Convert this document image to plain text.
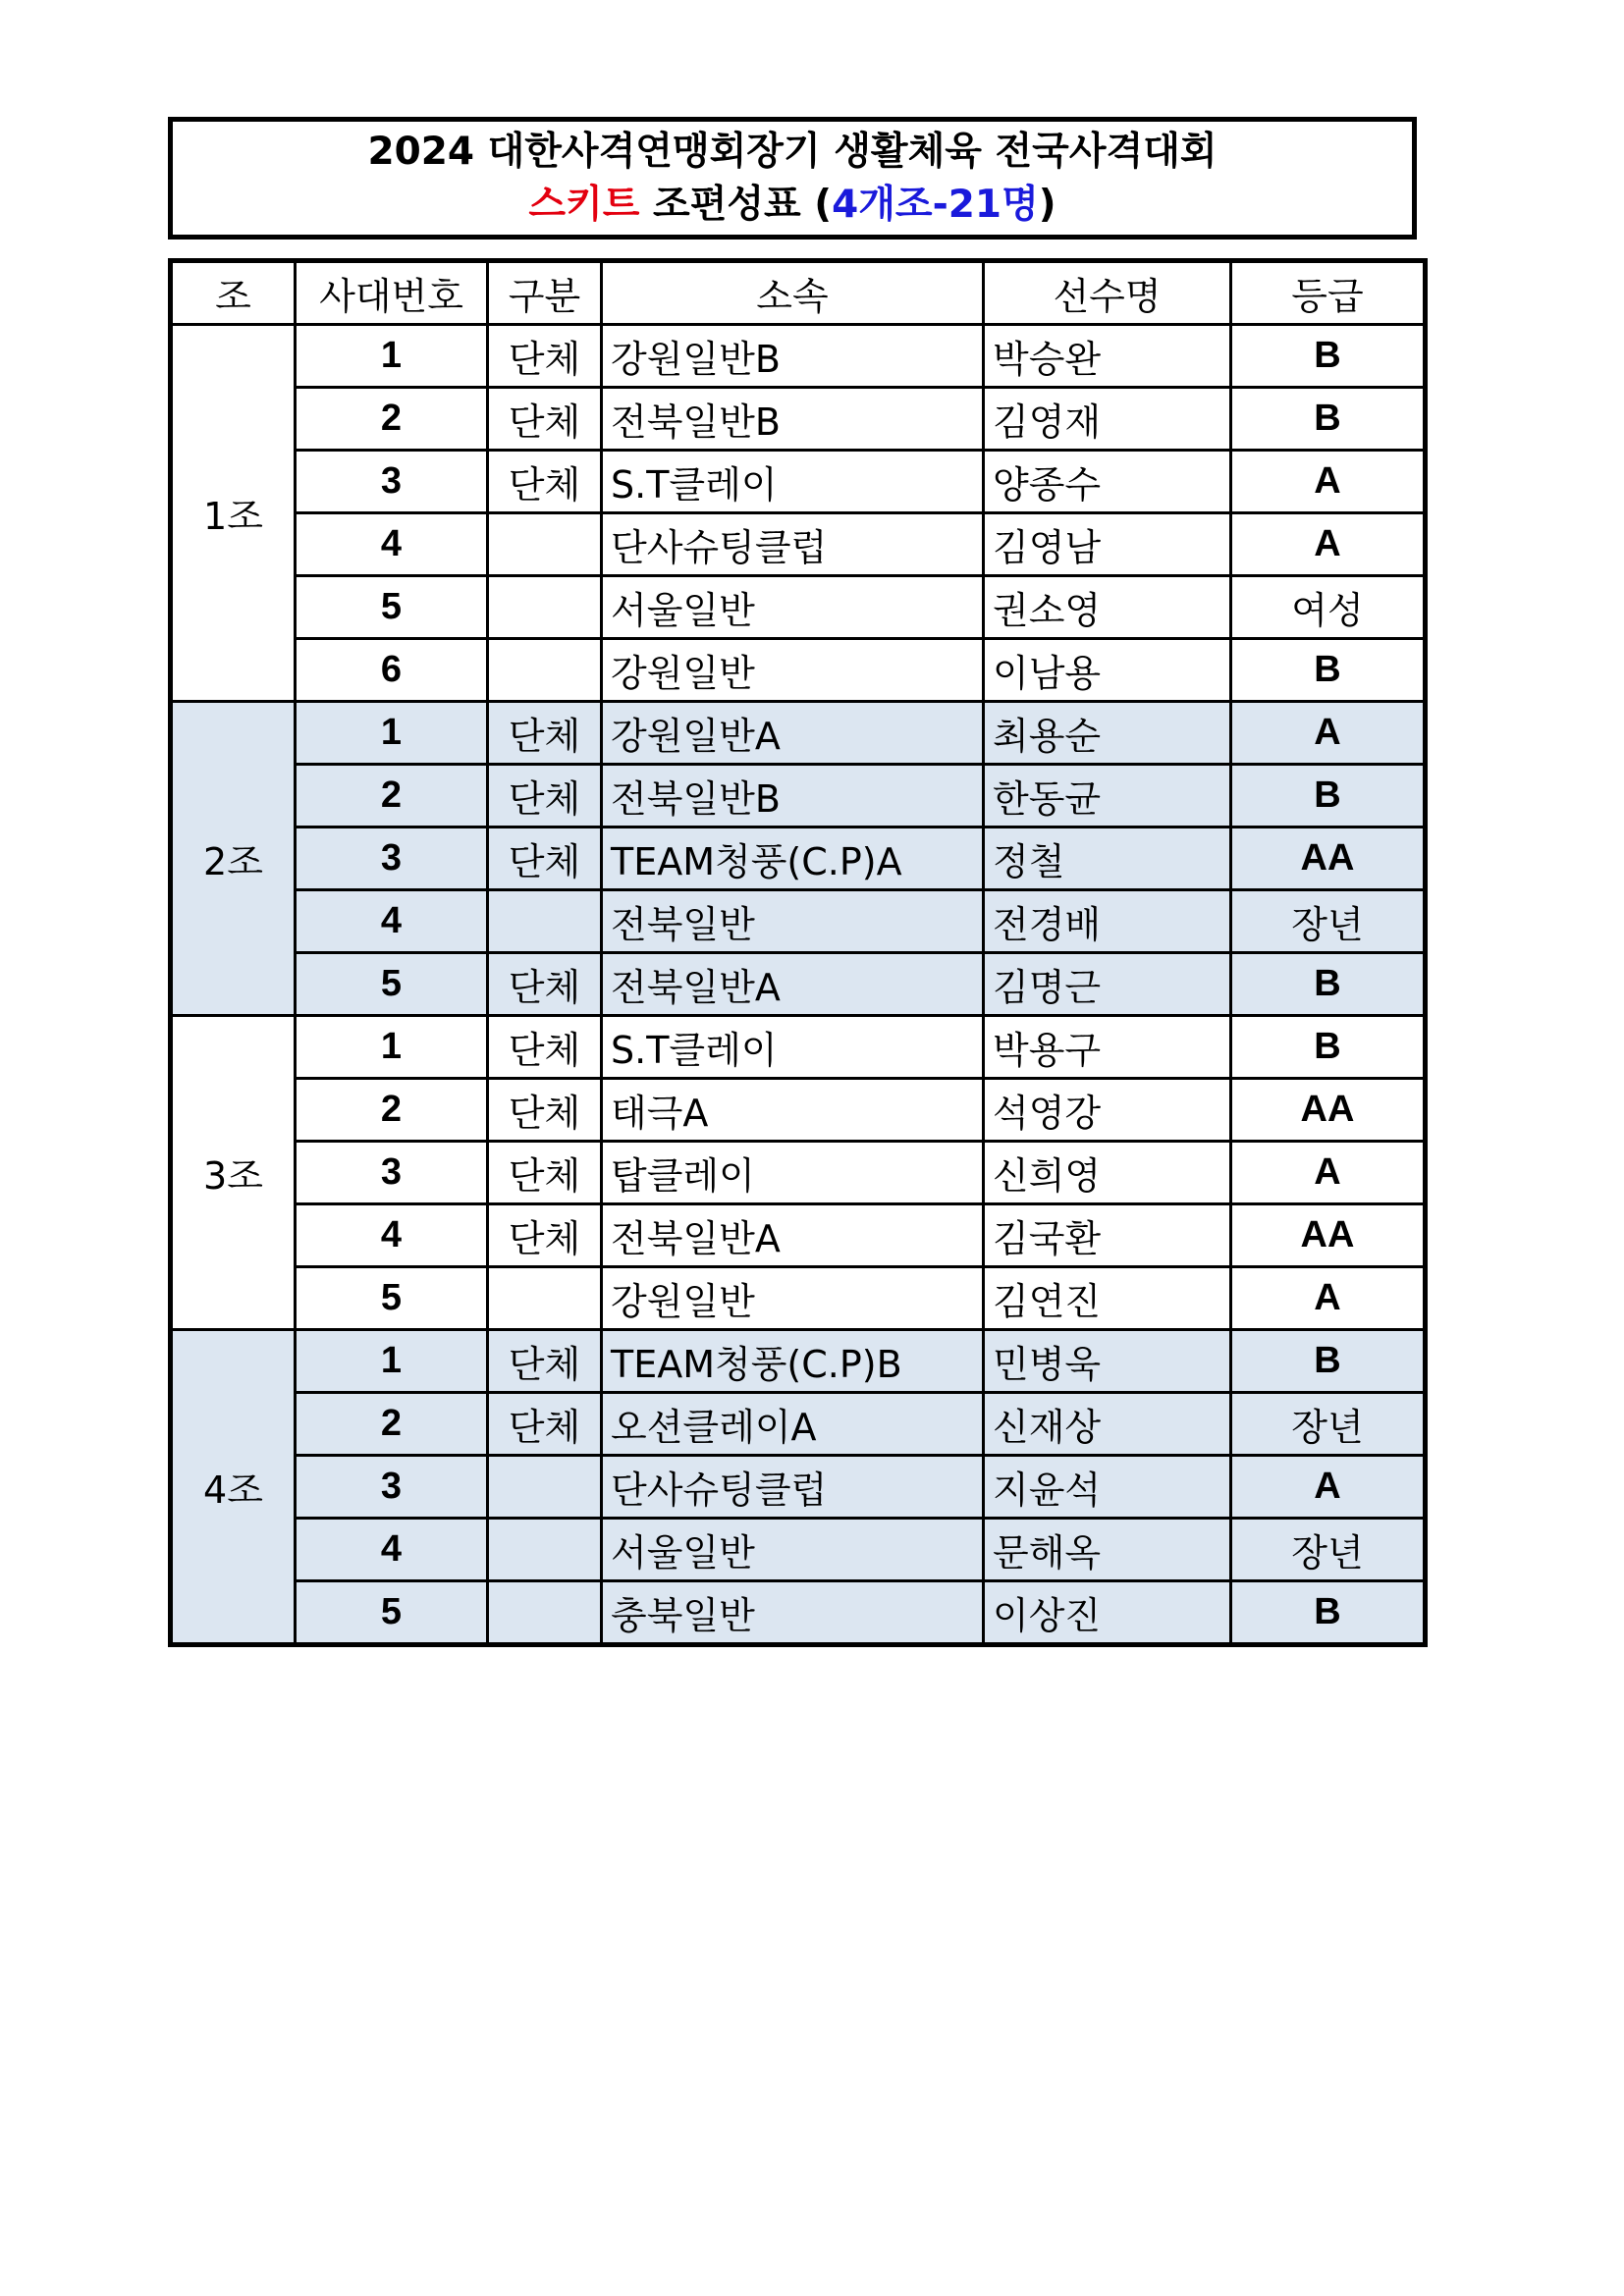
2024 대한사격연맹회장기 생활체육 전국사격대회
스키트 조편성표 (4개조-21명)
조	사대번호	구분	소속	선수명	등급
1조	1	단체	강원일반B	박승완	B
	2	단체	전북일반B	김영재	B
	3	단체	S.T클레이	양종수	A
	4		단사슈팅클럽	김영남	A
	5		서울일반	권소영	여성
	6		강원일반	이남용	B
2조	1	단체	강원일반A	최용순	A
	2	단체	전북일반B	한동균	B
	3	단체	TEAM청풍(C.P)A	정철	AA
	4		전북일반	전경배	장년
	5	단체	전북일반A	김명근	B
3조	1	단체	S.T클레이	박용구	B
	2	단체	태극A	석영강	AA
	3	단체	탑클레이	신희영	A
	4	단체	전북일반A	김국환	AA
	5		강원일반	김연진	A
4조	1	단체	TEAM청풍(C.P)B	민병욱	B
	2	단체	오션클레이A	신재상	장년
	3		단사슈팅클럽	지윤석	A
	4		서울일반	문해옥	장년
	5		충북일반	이상진	B
